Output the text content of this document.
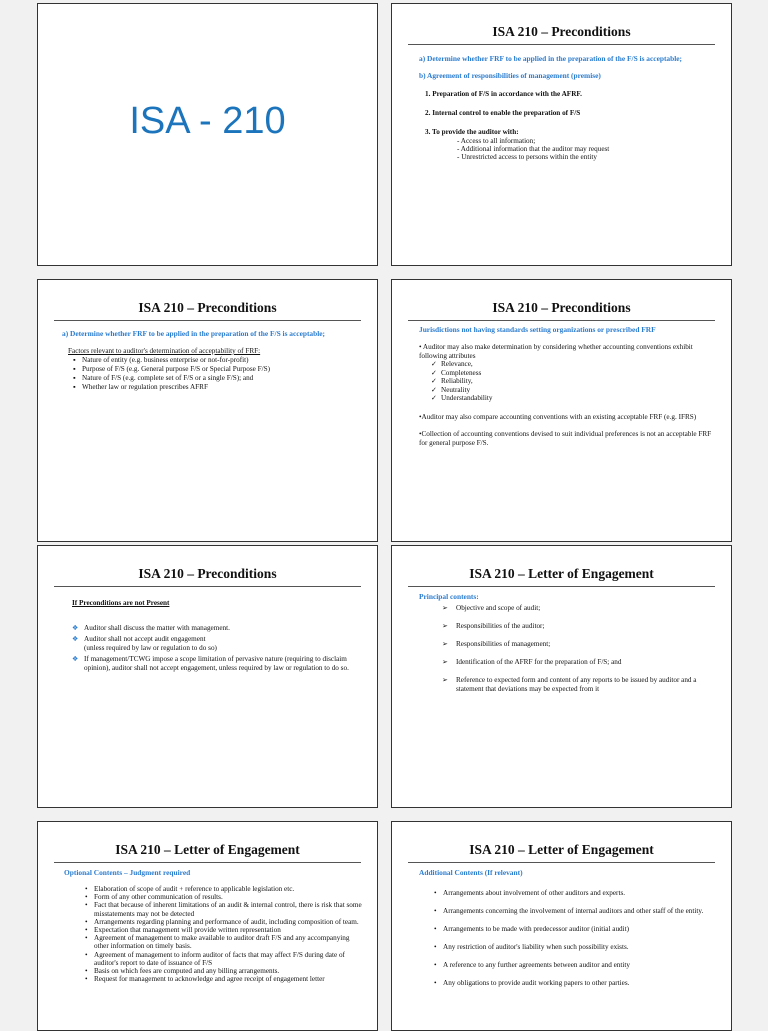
ISA - 210
ISA 210 – Preconditions
a) Determine whether FRF to be applied in the preparation of the F/S is acceptable;
b) Agreement of responsibilities of management (premise)
1. Preparation of F/S in accordance with the AFRF.
2. Internal control to enable the preparation of F/S
3. To provide the auditor with:
- Access to all information;
- Additional information that the auditor may request
- Unrestricted access to persons within the entity
ISA 210 – Preconditions
a) Determine whether FRF to be applied in the preparation of the F/S is acceptable;
Factors relevant to auditor's determination of acceptability of FRF:
▪ Nature of entity (e.g. business enterprise or not-for-profit)
▪ Purpose of F/S (e.g. General purpose F/S or Special Purpose F/S)
▪ Nature of F/S (e.g. complete set of F/S or a single F/S); and
▪ Whether law or regulation prescribes AFRF
ISA 210 – Preconditions
Jurisdictions not having standards setting organizations or prescribed FRF
• Auditor may also make determination by considering whether accounting conventions exhibit following attributes
✓ Relevance,
✓ Completeness
✓ Reliability,
✓ Neutrality
✓ Understandability
•Auditor may also compare accounting conventions with an existing acceptable FRF (e.g. IFRS)
•Collection of accounting conventions devised to suit individual preferences is not an acceptable FRF for general purpose F/S.
ISA 210 – Preconditions
If Preconditions are not Present
❖ Auditor shall discuss the matter with management.
❖ Auditor shall not accept audit engagement
(unless required by law or regulation to do so)
❖ If management/TCWG impose a scope limitation of pervasive nature (requiring to disclaim opinion), auditor shall not accept engagement, unless required by law or regulation to do so.
ISA 210 – Letter of Engagement
Principal contents:
➢ Objective and scope of audit;
➢ Responsibilities of the auditor;
➢ Responsibilities of management;
➢ Identification of the AFRF for the preparation of F/S; and
➢ Reference to expected form and content of any reports to be issued by auditor and a statement that deviations may be expected from it
ISA 210 – Letter of Engagement
Optional Contents – Judgment required
• Elaboration of scope of audit + reference to applicable legislation etc.
• Form of any other communication of results.
• Fact that because of inherent limitations of an audit & internal control, there is risk that some misstatements may not be detected
• Arrangements regarding planning and performance of audit, including composition of team.
• Expectation that management will provide written representation
• Agreement of management to make available to auditor draft F/S and any accompanying other information on timely basis.
• Agreement of management to inform auditor of facts that may affect F/S during date of auditor's report to date of issuance of F/S
• Basis on which fees are computed and any billing arrangements.
• Request for management to acknowledge and agree receipt of engagement letter
ISA 210 – Letter of Engagement
Additional Contents (If relevant)
• Arrangements about involvement of other auditors and experts.
• Arrangements concerning the involvement of internal auditors and other staff of the entity.
• Arrangements to be made with predecessor auditor (initial audit)
• Any restriction of auditor's liability when such possibility exists.
• A reference to any further agreements between auditor and entity
• Any obligations to provide audit working papers to other parties.
